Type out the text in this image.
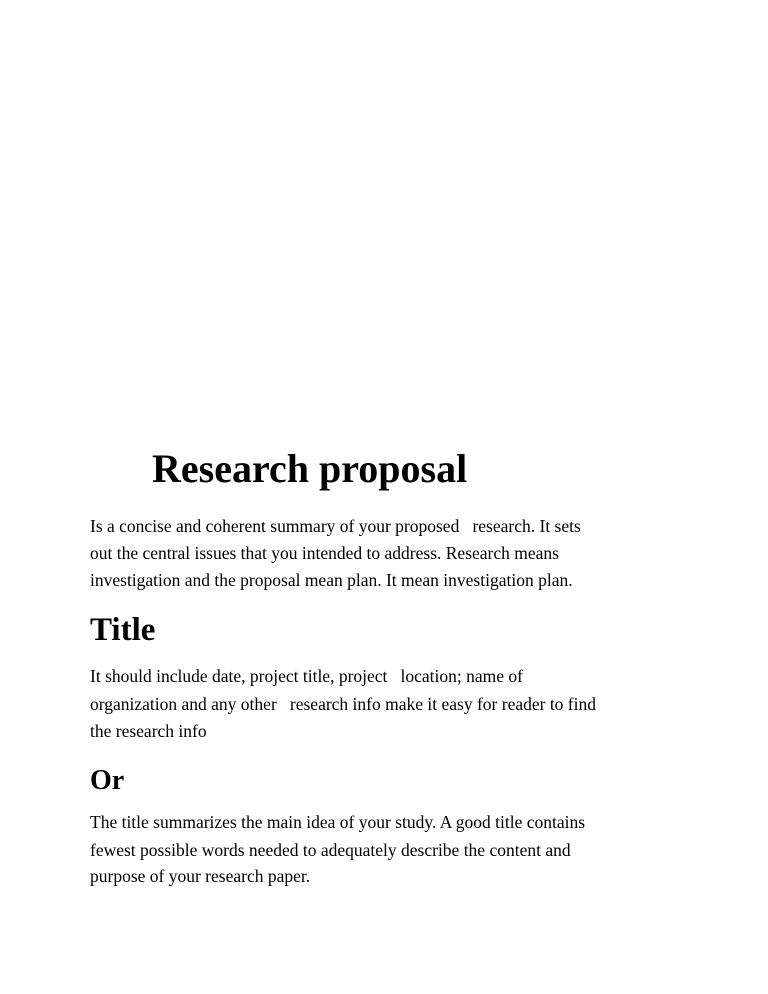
Research proposal
Is a concise and coherent summary of your proposed   research. It sets
out the central issues that you intended to address. Research means
investigation and the proposal mean plan. It mean investigation plan.
Title
It should include date, project title, project   location; name of
organization and any other   research info make it easy for reader to find
the research info
Or
The title summarizes the main idea of your study. A good title contains
fewest possible words needed to adequately describe the content and
purpose of your research paper.
